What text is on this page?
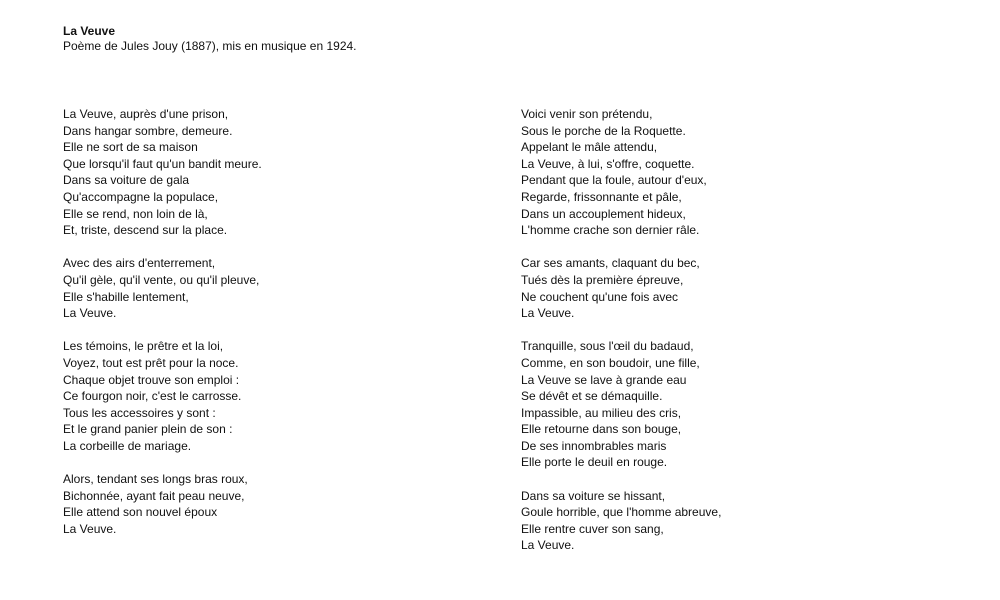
La Veuve

Poème de Jules Jouy (1887), mis en musique en 1924.

La Veuve, auprès d'une prison,
Dans hangar sombre, demeure.
Elle ne sort de sa maison
Que lorsqu'il faut qu'un bandit meure.
Dans sa voiture de gala
Qu'accompagne la populace,
Elle se rend, non loin de là,
Et, triste, descend sur la place.
Avec des airs d'enterrement,
Qu'il gèle, qu'il vente, ou qu'il pleuve,
Elle s'habille lentement,
La Veuve.
Les témoins, le prêtre et la loi,
Voyez, tout est prêt pour la noce.
Chaque objet trouve son emploi :
Ce fourgon noir, c'est le carrosse.
Tous les accessoires y sont :
Et le grand panier plein de son :
La corbeille de mariage.
Alors, tendant ses longs bras roux,
Bichonnée, ayant fait peau neuve,
Elle attend son nouvel époux
La Veuve.
Voici venir son prétendu,
Sous le porche de la Roquette.
Appelant le mâle attendu,
La Veuve, à lui, s'offre, coquette.
Pendant que la foule, autour d'eux,
Regarde, frissonnante et pâle,
Dans un accouplement hideux,
L'homme crache son dernier râle.
Car ses amants, claquant du bec,
Tués dès la première épreuve,
Ne couchent qu'une fois avec
La Veuve.
Tranquille, sous l'œil du badaud,
Comme, en son boudoir, une fille,
La Veuve se lave à grande eau
Se dévêt et se démaquille.
Impassible, au milieu des cris,
Elle retourne dans son bouge,
De ses innombrables maris
Elle porte le deuil en rouge.
Dans sa voiture se hissant,
Goule horrible, que l'homme abreuve,
Elle rentre cuver son sang,
La Veuve.
